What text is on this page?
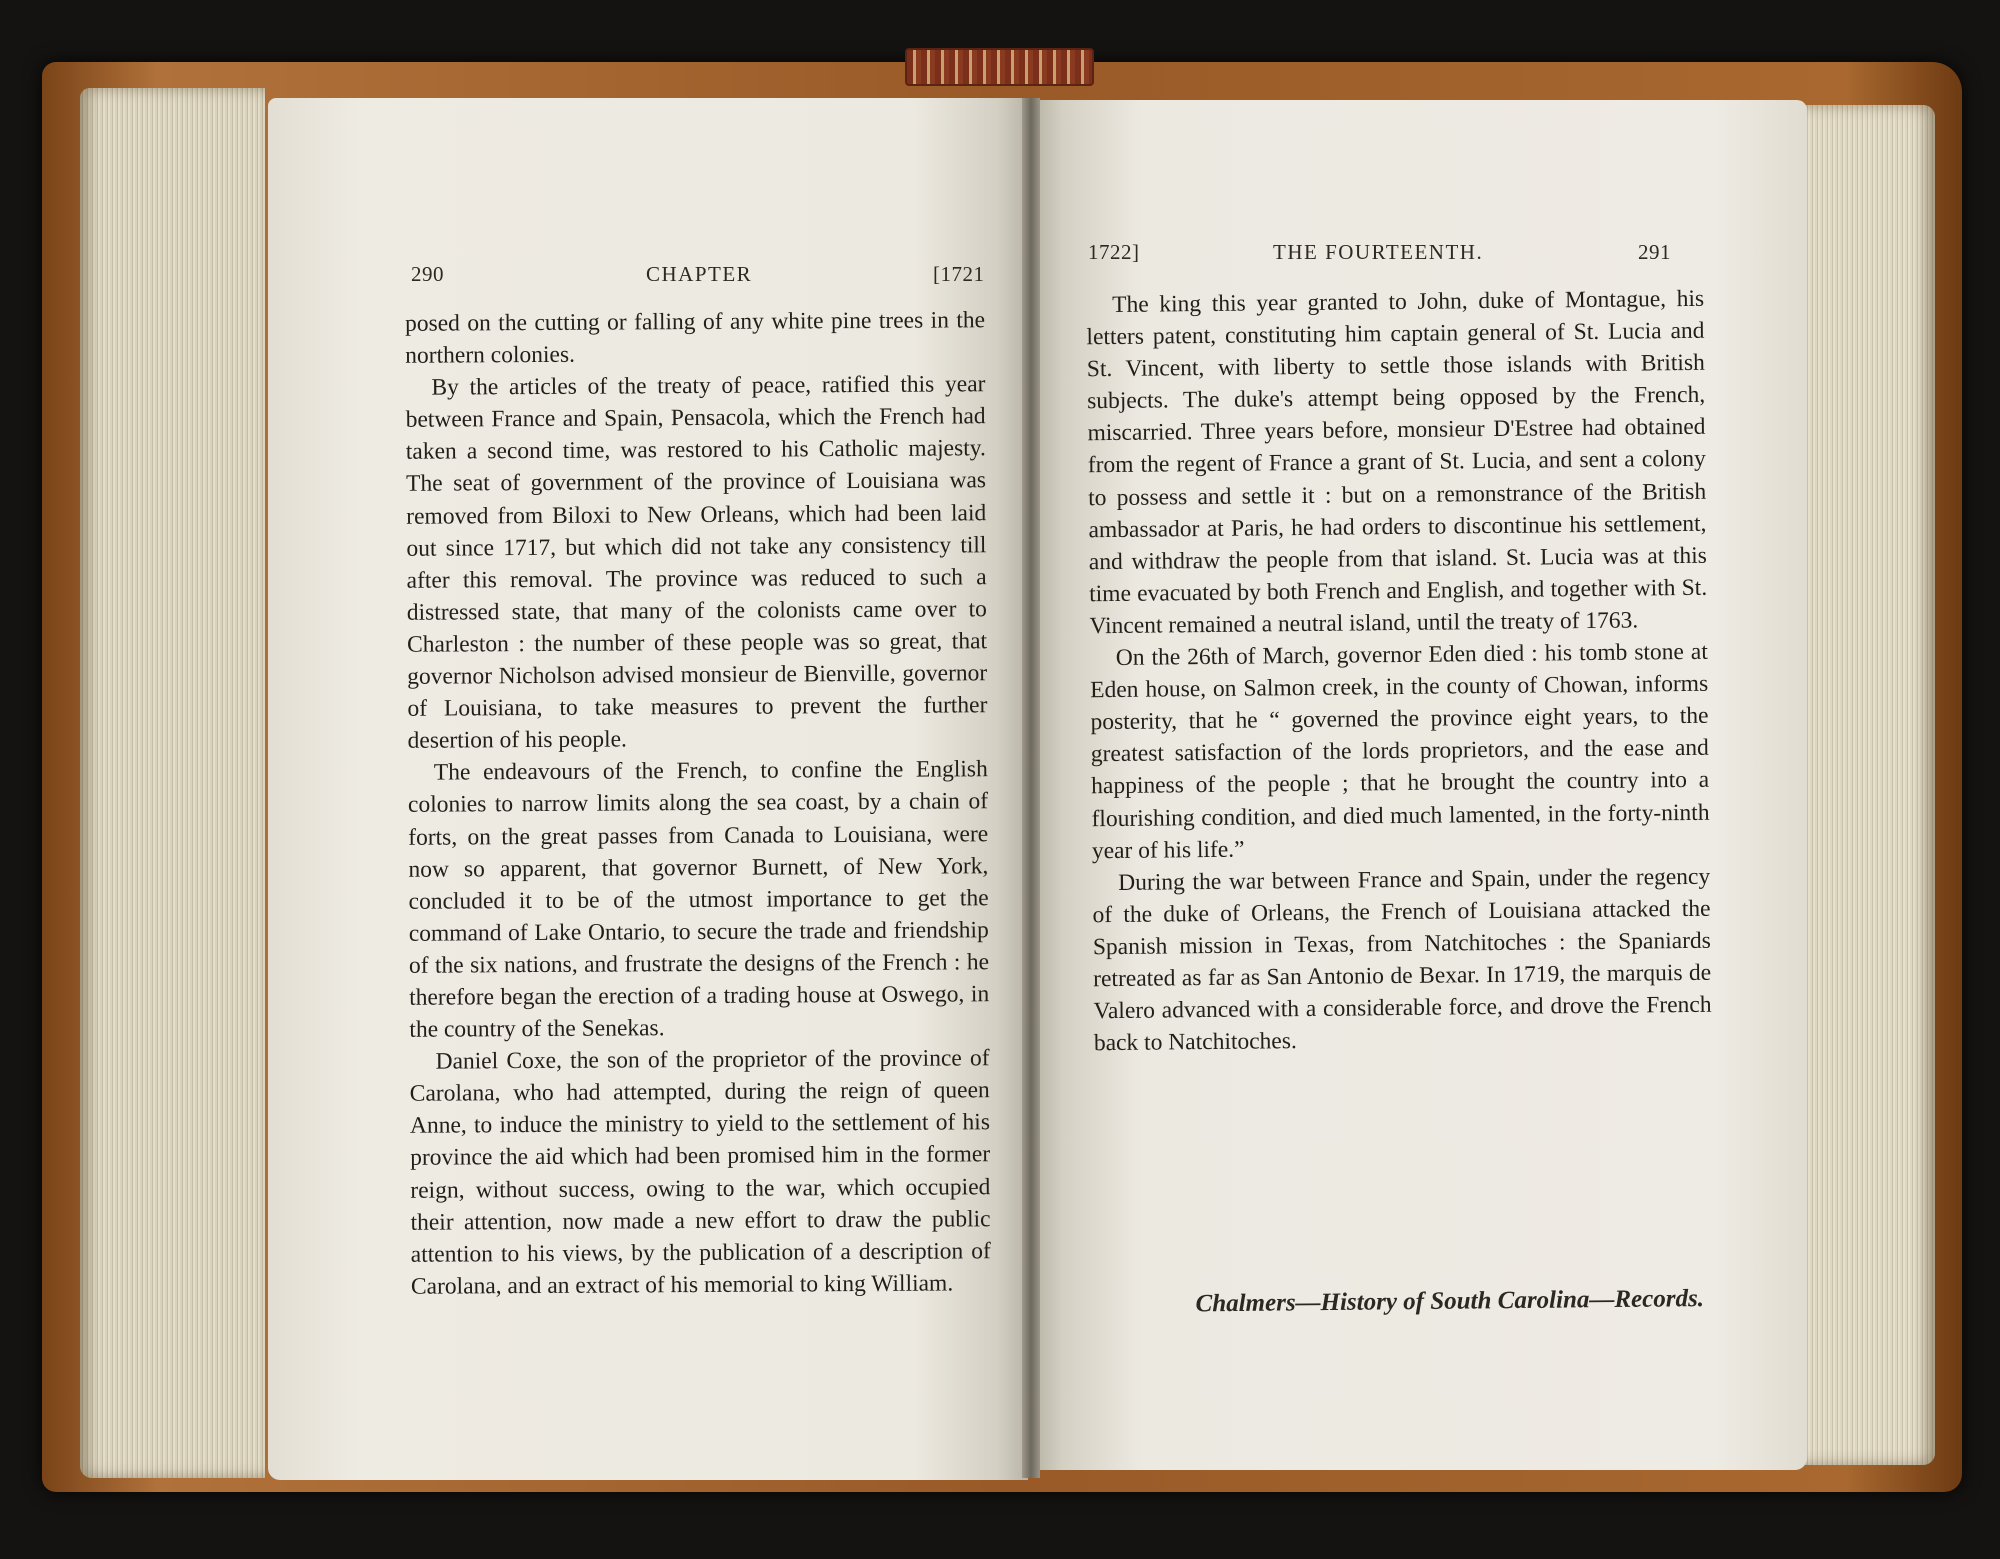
290	CHAPTER	[1721

posed on the cutting or falling of any white pine trees in the northern colonies.

By the articles of the treaty of peace, ratified this year between France and Spain, Pensacola, which the French had taken a second time, was restored to his Catholic majesty. The seat of government of the province of Louisiana was removed from Biloxi to New Orleans, which had been laid out since 1717, but which did not take any consistency till after this removal. The province was reduced to such a distressed state, that many of the colonists came over to Charleston : the number of these people was so great, that governor Nicholson advised monsieur de Bienville, governor of Louisiana, to take measures to prevent the further desertion of his people.

The endeavours of the French, to confine the English colonies to narrow limits along the sea coast, by a chain of forts, on the great passes from Canada to Louisiana, were now so apparent, that governor Burnett, of New York, concluded it to be of the utmost importance to get the command of Lake Ontario, to secure the trade and friendship of the six nations, and frustrate the designs of the French : he therefore began the erection of a trading house at Oswego, in the country of the Senekas.

Daniel Coxe, the son of the proprietor of the province of Carolana, who had attempted, during the reign of queen Anne, to induce the ministry to yield to the settlement of his province the aid which had been promised him in the former reign, without success, owing to the war, which occupied their attention, now made a new effort to draw the public attention to his views, by the publication of a description of Carolana, and an extract of his memorial to king William.

1722]	THE FOURTEENTH.	291

The king this year granted to John, duke of Montague, his letters patent, constituting him captain general of St. Lucia and St. Vincent, with liberty to settle those islands with British subjects. The duke's attempt being opposed by the French, miscarried. Three years before, monsieur D'Estree had obtained from the regent of France a grant of St. Lucia, and sent a colony to possess and settle it : but on a remonstrance of the British ambassador at Paris, he had orders to discontinue his settlement, and withdraw the people from that island. St. Lucia was at this time evacuated by both French and English, and together with St. Vincent remained a neutral island, until the treaty of 1763.

On the 26th of March, governor Eden died : his tomb stone at Eden house, on Salmon creek, in the county of Chowan, informs posterity, that he “ governed the province eight years, to the greatest satisfaction of the lords proprietors, and the ease and happiness of the people ; that he brought the country into a flourishing condition, and died much lamented, in the forty-ninth year of his life.”

During the war between France and Spain, under the regency of the duke of Orleans, the French of Louisiana attacked the Spanish mission in Texas, from Natchitoches : the Spaniards retreated as far as San Antonio de Bexar. In 1719, the marquis de Valero advanced with a considerable force, and drove the French back to Natchitoches.

Chalmers—History of South Carolina—Records.
